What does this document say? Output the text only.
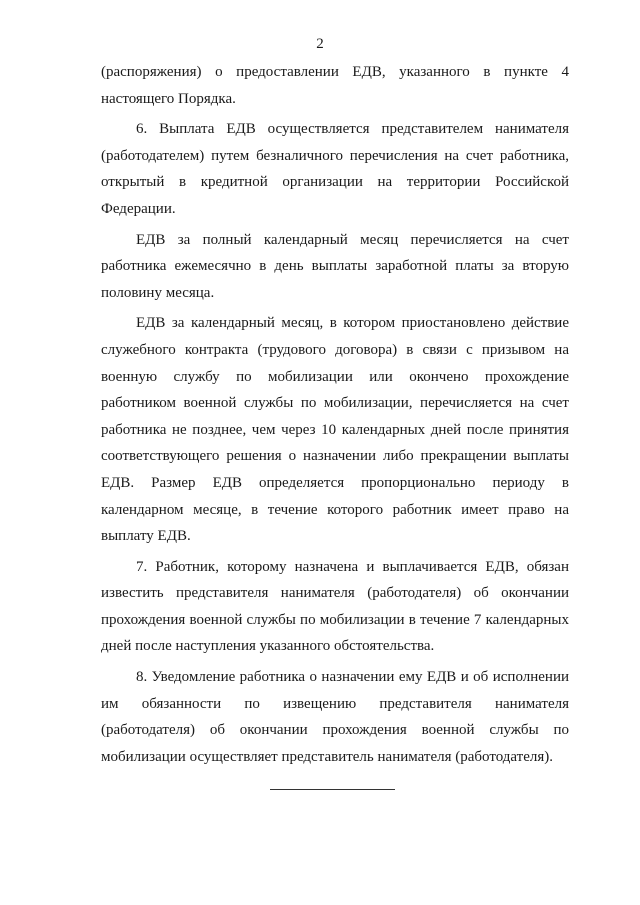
2

(распоряжения) о предоставлении ЕДВ, указанного в пункте 4 настоящего Порядка.

6. Выплата ЕДВ осуществляется представителем нанимателя (работодателем) путем безналичного перечисления на счет работника, открытый в кредитной организации на территории Российской Федерации.

ЕДВ за полный календарный месяц перечисляется на счет работника ежемесячно в день выплаты заработной платы за вторую половину месяца.

ЕДВ за календарный месяц, в котором приостановлено действие служебного контракта (трудового договора) в связи с призывом на военную службу по мобилизации или окончено прохождение работником военной службы по мобилизации, перечисляется на счет работника не позднее, чем через 10 календарных дней после принятия соответствующего решения о назначении либо прекращении выплаты ЕДВ. Размер ЕДВ определяется пропорционально периоду в календарном месяце, в течение которого работник имеет право на выплату ЕДВ.

7. Работник, которому назначена и выплачивается ЕДВ, обязан известить представителя нанимателя (работодателя) об окончании прохождения военной службы по мобилизации в течение 7 календарных дней после наступления указанного обстоятельства.

8. Уведомление работника о назначении ему ЕДВ и об исполнении им обязанности по извещению представителя нанимателя (работодателя) об окончании прохождения военной службы по мобилизации осуществляет представитель нанимателя (работодателя).
